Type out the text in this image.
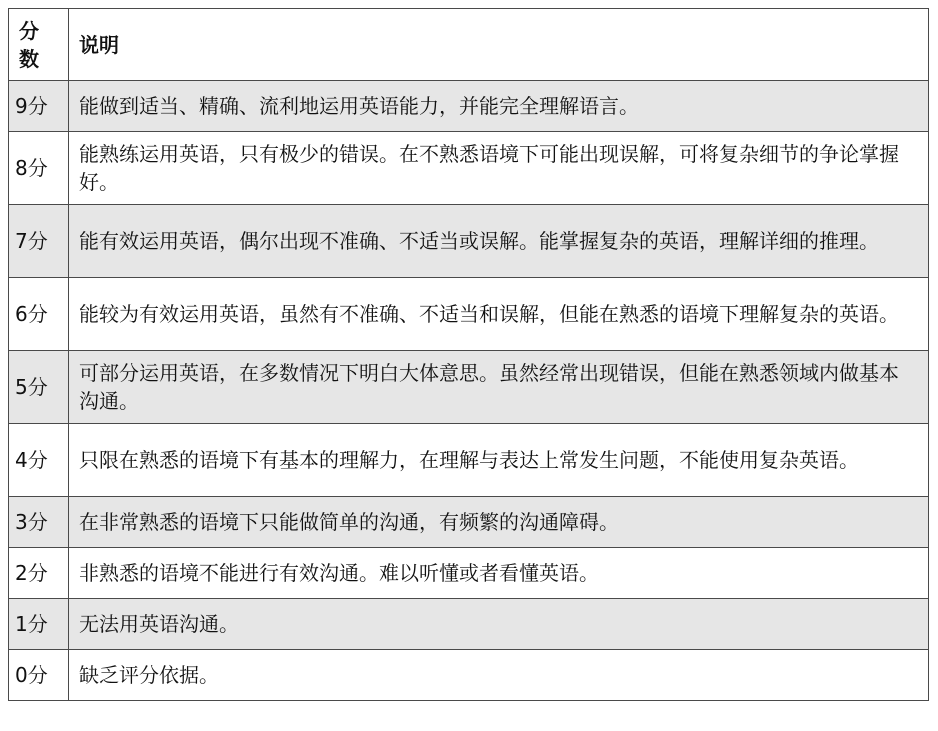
分
数	说明
9分	能做到适当、精确、流利地运用英语能力，并能完全理解语言。
8分	能熟练运用英语，只有极少的错误。在不熟悉语境下可能出现误解，可将复杂细节的争论掌握好。
7分	能有效运用英语，偶尔出现不准确、不适当或误解。能掌握复杂的英语，理解详细的推理。
6分	能较为有效运用英语，虽然有不准确、不适当和误解，但能在熟悉的语境下理解复杂的英语。
5分	可部分运用英语，在多数情况下明白大体意思。虽然经常出现错误，但能在熟悉领域内做基本沟通。
4分	只限在熟悉的语境下有基本的理解力，在理解与表达上常发生问题，不能使用复杂英语。
3分	在非常熟悉的语境下只能做简单的沟通，有频繁的沟通障碍。
2分	非熟悉的语境不能进行有效沟通。难以听懂或者看懂英语。
1分	无法用英语沟通。
0分	缺乏评分依据。
